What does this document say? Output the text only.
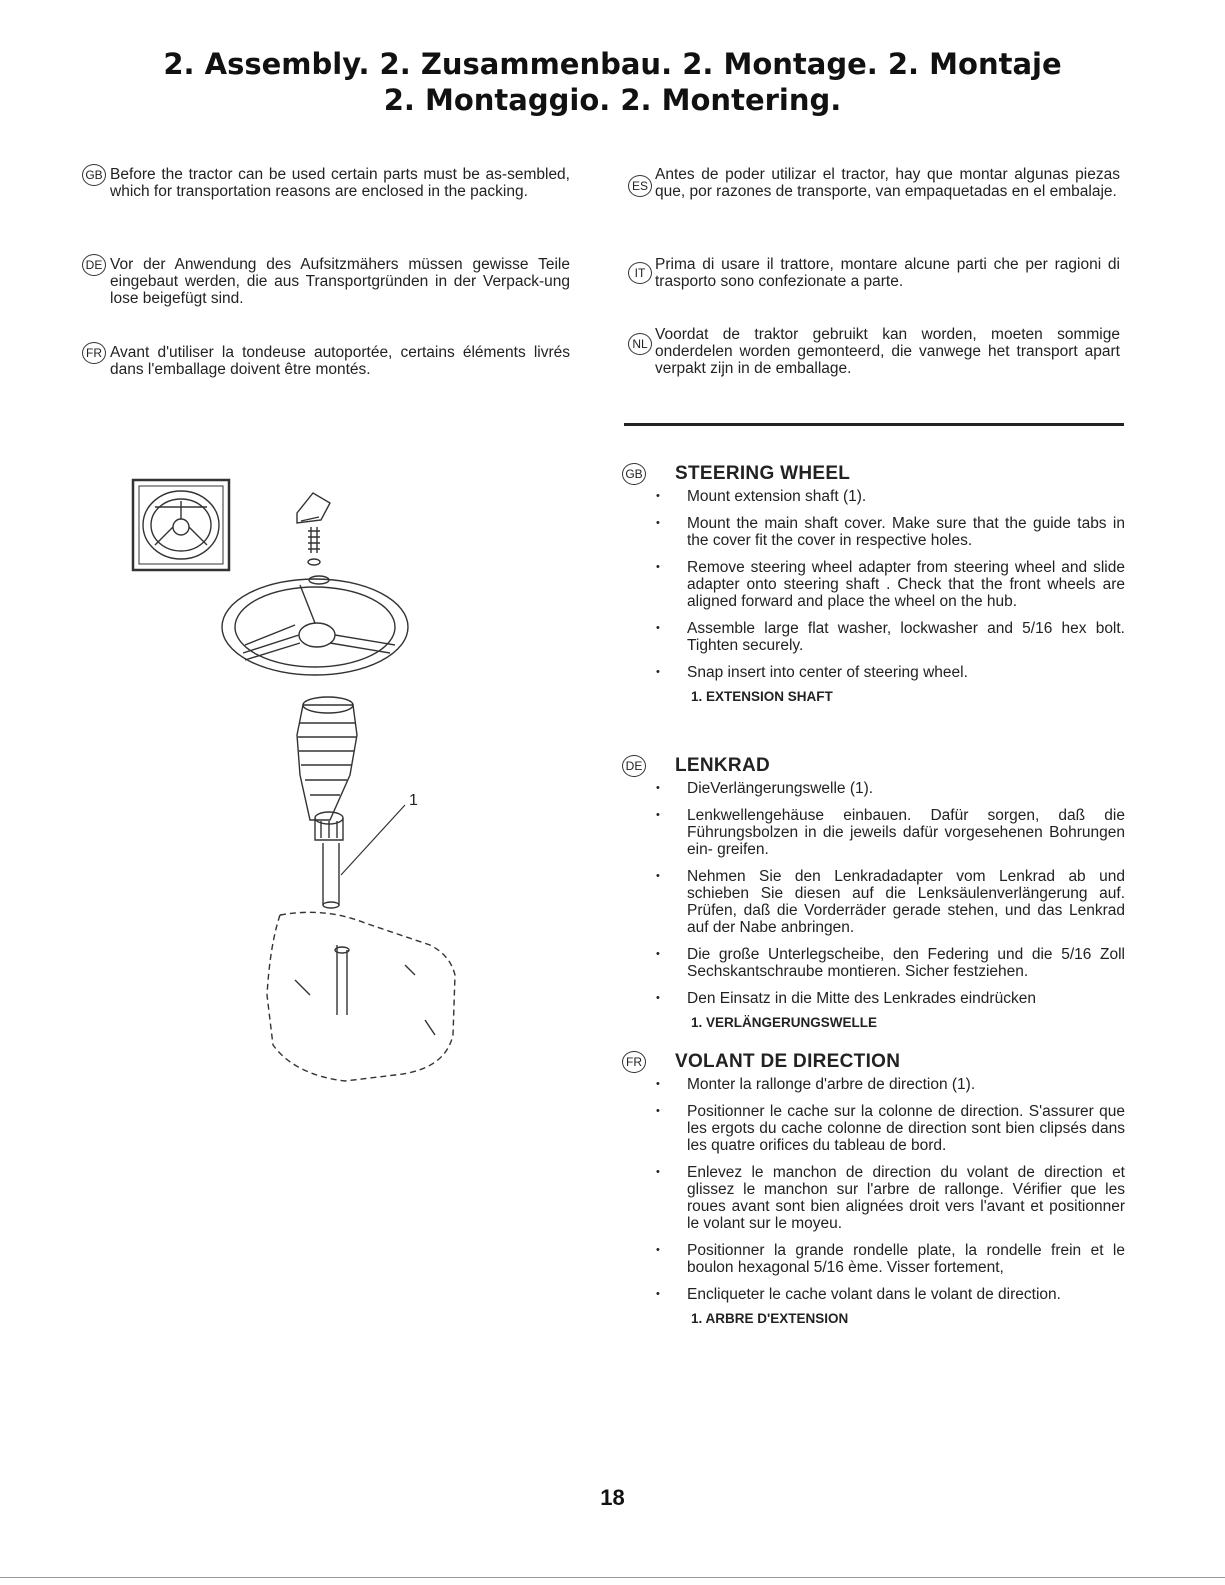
2. Assembly. 2. Zusammenbau. 2. Montage. 2. Montaje
2. Montaggio. 2. Montering.
Before the tractor can be used certain parts must be as-sembled, which for transportation reasons are enclosed in the packing.
GB
Vor der Anwendung des Aufsitzmähers müssen gewisse Teile eingebaut werden, die aus Transportgründen in der Verpack-ung lose beigefügt sind.
DE
Avant d'utiliser la tondeuse autoportée, certains éléments livrés dans l'emballage doivent être montés.
FR
Antes de poder utilizar el tractor, hay que montar algunas piezas que, por razones de transporte, van empaquetadas en el embalaje.
ES
Prima di usare il trattore, montare alcune parti che per ragioni di trasporto sono confezionate a parte.
IT
Voordat de traktor gebruikt kan worden, moeten sommige onderdelen worden gemonteerd, die vanwege het transport apart verpakt zijn in de emballage.
NL
1
GB STEERING WHEEL
• Mount extension shaft (1).
• Mount the main shaft cover. Make sure that the guide tabs in the cover fit the cover in respective holes.
• Remove steering wheel adapter from steering wheel and slide adapter onto steering shaft . Check that the front wheels are aligned forward and place the wheel on the hub.
• Assemble large flat washer, lockwasher and 5/16 hex bolt. Tighten securely.
• Snap insert into center of steering wheel.
1. EXTENSION SHAFT
DE LENKRAD
• DieVerlängerungswelle (1).
• Lenkwellengehäuse einbauen. Dafür sorgen, daß die Führungsbolzen in die jeweils dafür vorgesehenen Bohrungen ein- greifen.
• Nehmen Sie den Lenkradadapter vom Lenkrad ab und schieben Sie diesen auf die Lenksäulenverlängerung auf. Prüfen, daß die Vorderräder gerade stehen, und das Lenkrad auf der Nabe anbringen.
• Die große Unterlegscheibe, den Federing und die 5/16 Zoll Sechskantschraube montieren. Sicher festziehen.
• Den Einsatz in die Mitte des Lenkrades eindrücken
1. VERLÄNGERUNGSWELLE
FR VOLANT DE DIRECTION
• Monter la rallonge d'arbre de direction (1).
• Positionner le cache sur la colonne de direction. S'assurer que les ergots du cache colonne de direction sont bien clipsés dans les quatre orifices du tableau de bord.
• Enlevez le manchon de direction du volant de direction et glissez le manchon sur l'arbre de rallonge. Vérifier que les roues avant sont bien alignées droit vers l'avant et positionner le volant sur le moyeu.
• Positionner la grande rondelle plate, la rondelle frein et le boulon hexagonal 5/16 ème. Visser fortement,
• Encliqueter le cache volant dans le volant de direction.
1. ARBRE D'EXTENSION
18
